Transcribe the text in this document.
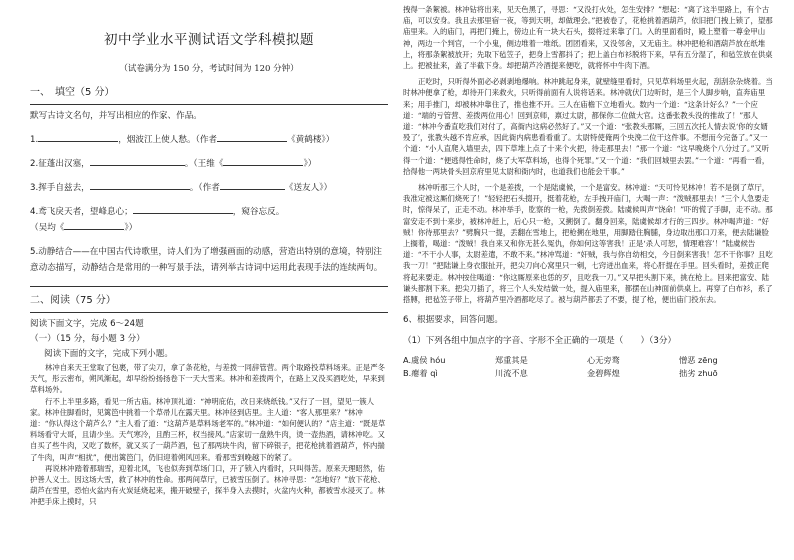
初中学业水平测试语文学科模拟题
（试卷满分为 150 分，考试时间为 120 分钟）
一、　填空（5 分）

默写古诗文名句，并写出相应的作家、作品。

1.	，烟波江上使人愁。（作者	《黄鹤楼》）

2.征蓬出汉塞，	。（王维《	》）

3.挥手自兹去，	。（作者	《送友人》）

4.鸢飞戾天者，望峰息心；	，窥谷忘反。

（吴均《	》）

5.动静结合——在中国古代诗歌里，诗人们为了增强画面的动感，营造出特别的意境，特别注意动态描写，动静结合是常用的一种写景手法，请列举古诗词中运用此表现手法的连续两句。

二、阅读（75 分）

阅读下面文字，完成 6～24题

（一）（15 分，每小题 3 分）

阅读下面的文字，完成下列小题。

林冲自来天王堂取了包裹，带了尖刀，拿了条花枪，与差拨一同辞管营。两个取路投草料场来。正是严冬天气，彤云密布，朔风渐起，却早纷纷扬扬卷下一天大雪来。林冲和差拨两个，在路上又没买酒吃处，早来到草料场外。

行不上半里多路，看见一所古庙。林冲顶礼道：“神明庇佑，改日来烧纸钱。”又行了一回，望见一簇人家。林冲住脚看时，见篱笆中挑着一个草帚儿在露天里。林冲径到店里。主人道：“客人那里来？”林冲道：“你认得这个葫芦么？”主人看了道：“这葫芦是草料场老军的。”林冲道：“如何便认的？”店主道：“既是草料场看守大哥，且请少坐。天气寒冷，且酌三杯，权当接风。”店家切一盘熟牛肉，烫一壶热酒，请林冲吃。又自买了些牛肉，又吃了数杯，就又买了一葫芦酒，包了那两块牛肉，留下碎银子，把花枪挑着酒葫芦，怀内揣了牛肉，叫声“相扰”，便出篱笆门，仍旧迎着朔风回来。看那雪到晚越下的紧了。

再说林冲踏着那瑞雪，迎着北风，飞也似奔到草场门口，开了锁入内看时，只叫得苦。原来天理昭然，佑护善人义士。因这场大雪，救了林冲的性命。那两间草厅，已被雪压倒了。林冲寻思：“怎地好？”放下花枪、葫芦在雪里，恐怕火盆内有火炭延烧起来，搬开破壁子，探半身入去摸时，火盆内火种，都被雪水浸灭了。林冲把手床上摸时，只

拽得一条絮被。林冲钻将出来，见天色黑了，寻思：“又没打火处，怎生安排？”想起：“离了这半里路上，有个古庙，可以安身。我且去那里宿一夜，等到天明，却做理会。”把被卷了，花枪挑着酒葫芦，依旧把门拽上锁了，望那庙里来。入的庙门，再把门掩上，傍边止有一块大石头，掇将过来靠了门。入的里面看时，殿上塑着一尊金甲山神，两边一个判官，一个小鬼，侧边堆着一堆纸。团团看来，又没邻舍，又无庙主。林冲把枪和酒葫芦放在纸堆上，将那条絮被放开；先取下毡笠子，把身上雪都抖了；把上盖白布衫脱将下来，早有五分湿了，和毡笠放在供桌上。把被扯来，盖了半截下身。却把葫芦冷酒提来便吃，就将怀中牛肉下酒。

正吃时，只听得外面必必剥剥地爆响。林冲跳起身来，就壁缝里看时，只见草料场里火起，刮刮杂杂烧着。当时林冲便拿了枪，却待开门来救火，只听得前面有人说将话来。林冲就伏门边听时，是三个人脚步响，直奔庙里来；用手推门，却被林冲靠住了，推也推不开。三人在庙檐下立地看火。数内一个道：“这条计好么？”一个应道：“端的亏管营、差拨两位用心！回到京师，禀过太尉，都保你二位做大官。这番张教头没的推故了！”那人道：“林冲今番直吃我们对付了，高衙内这病必然好了。”又一个道：“张教头那厮，三回五次托人情去说‘你的女婿殁了’，张教头越不肯应承，因此衙内病患看看重了。太尉特使俺两个央浼二位干这件事。不想而今完备了。”又一个道：“小人直爬入墙里去，四下草堆上点了十来个火把，待走那里去！”那一个道：“这早晚烧个八分过了。”又听得一个道：“便逃得性命时，烧了大军草料场，也得个死罪。”又一个道：“我们回城里去罢。”一个道：“再看一看，拾得他一两块骨头回京府里见太尉和衙内时，也道我们也能会干事。”

林冲听那三个人时，一个是差拨，一个是陆虞候，一个是富安。林冲道：“天可怜见林冲！若不是倒了草厅，我准定被这厮们烧死了！”轻轻把石头掇开，挺着花枪，左手拽开庙门，大喝一声：“泼贼那里去！”三个人急要走时，惊得呆了，正走不动。林冲举手，肐察的一枪，先拨倒差拨。陆虞候叫声“饶命！”吓的慌了手脚，走不动。那富安走不到十来步，被林冲赶上，后心只一枪，又搠倒了。翻身回来，陆虞候却才行的三四步。林冲喝声道：“好贼！你待那里去？”劈胸只一提，丢翻在雪地上，把枪搠在地里，用脚踏住胸脯，身边取出那口刀来，便去陆谦脸上搁着，喝道：“泼贼！我自来又和你无甚么冤仇，你如何这等害我！正是‘杀人可恕，情理难容’！”陆虞候告道：“不干小人事，太尉差遣，不敢不来。”林冲骂道：“奸贼，我与你自幼相交，今日倒来害我！怎不干你事？且吃我一刀！”把陆谦上身衣服扯开，把尖刀向心窝里只一剜，七窍迸出血来，将心肝提在手里。回头看时，差拨正爬将起来要走。林冲按住喝道：“你这厮原来也恁的歹，且吃我一刀。”又早把头割下来，挑在枪上。回来把富安、陆谦头都割下来。把尖刀插了，将三个人头发结做一处，提入庙里来，都摆在山神面前供桌上。再穿了白布衫，系了搭膊，把毡笠子带上，将葫芦里冷酒都吃尽了。被与葫芦都丢了不要，提了枪，便出庙门投东去。

6、根据要求，回答问题。

（1）下列各组中加点字的字音、字形不全正确的一项是（　　）（3分）

A.虞侯 hóu	郑重其是	心无旁骛	憎恶 zēng
B.瘪着 qì	川流不息	金碧辉煌	拙劣 zhuō
